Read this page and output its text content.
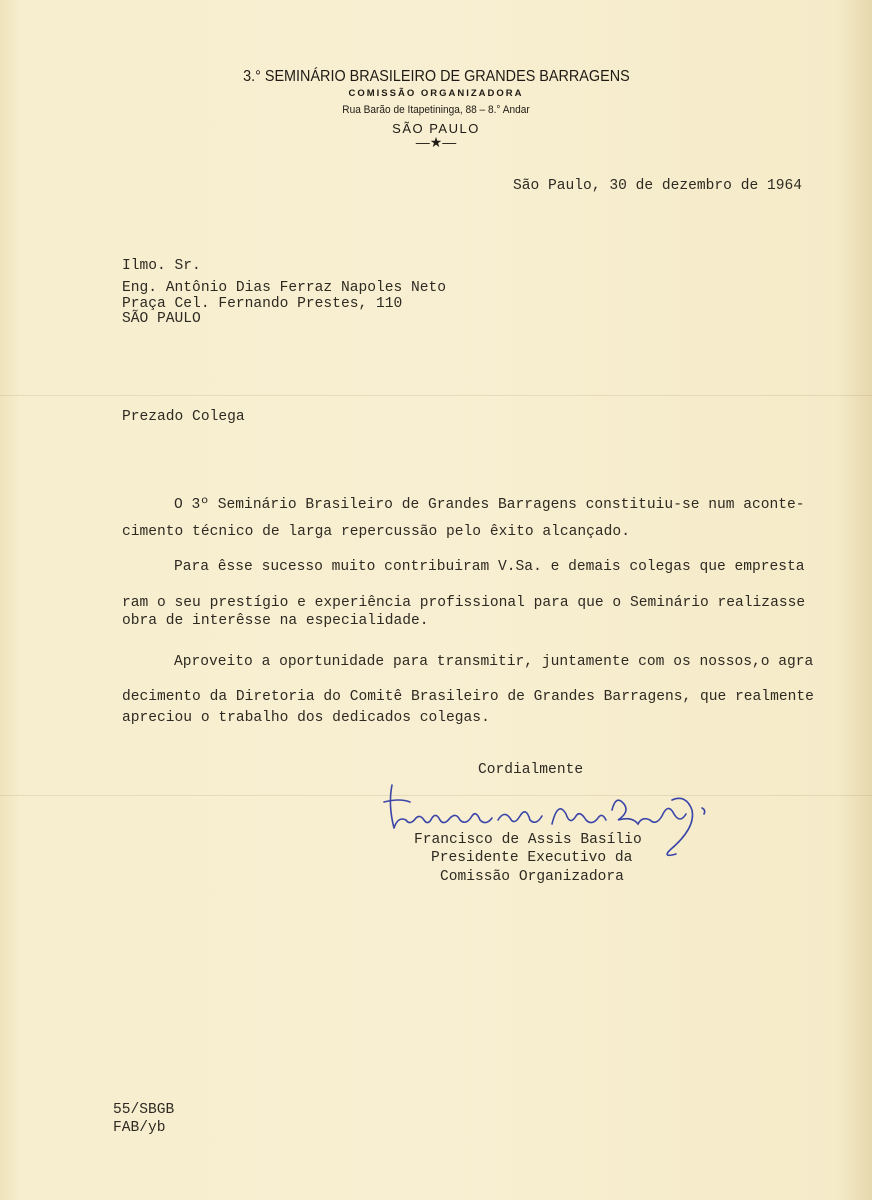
3.° SEMINÁRIO BRASILEIRO DE GRANDES BARRAGENS
COMISSÃO ORGANIZADORA
Rua Barão de Itapetininga, 88 – 8.° Andar
SÃO PAULO
—★—
São Paulo, 30 de dezembro de 1964
Ilmo. Sr.
Eng. Antônio Dias Ferraz Napoles Neto
Praça Cel. Fernando Prestes, 110
SÃO PAULO
Prezado Colega
O 3º Seminário Brasileiro de Grandes Barragens constituiu-se num aconte-
cimento técnico de larga repercussão pelo êxito alcançado.
Para êsse sucesso muito contribuiram V.Sa. e demais colegas que empresta
ram o seu prestígio e experiência profissional para que o Seminário realizasse
obra de interêsse na especialidade.
Aproveito a oportunidade para transmitir, juntamente com os nossos,o agra
decimento da Diretoria do Comitê Brasileiro de Grandes Barragens, que realmente
apreciou o trabalho dos dedicados colegas.
Cordialmente
Francisco de Assis Basílio
Presidente Executivo da
Comissão Organizadora
55/SBGB
FAB/yb
